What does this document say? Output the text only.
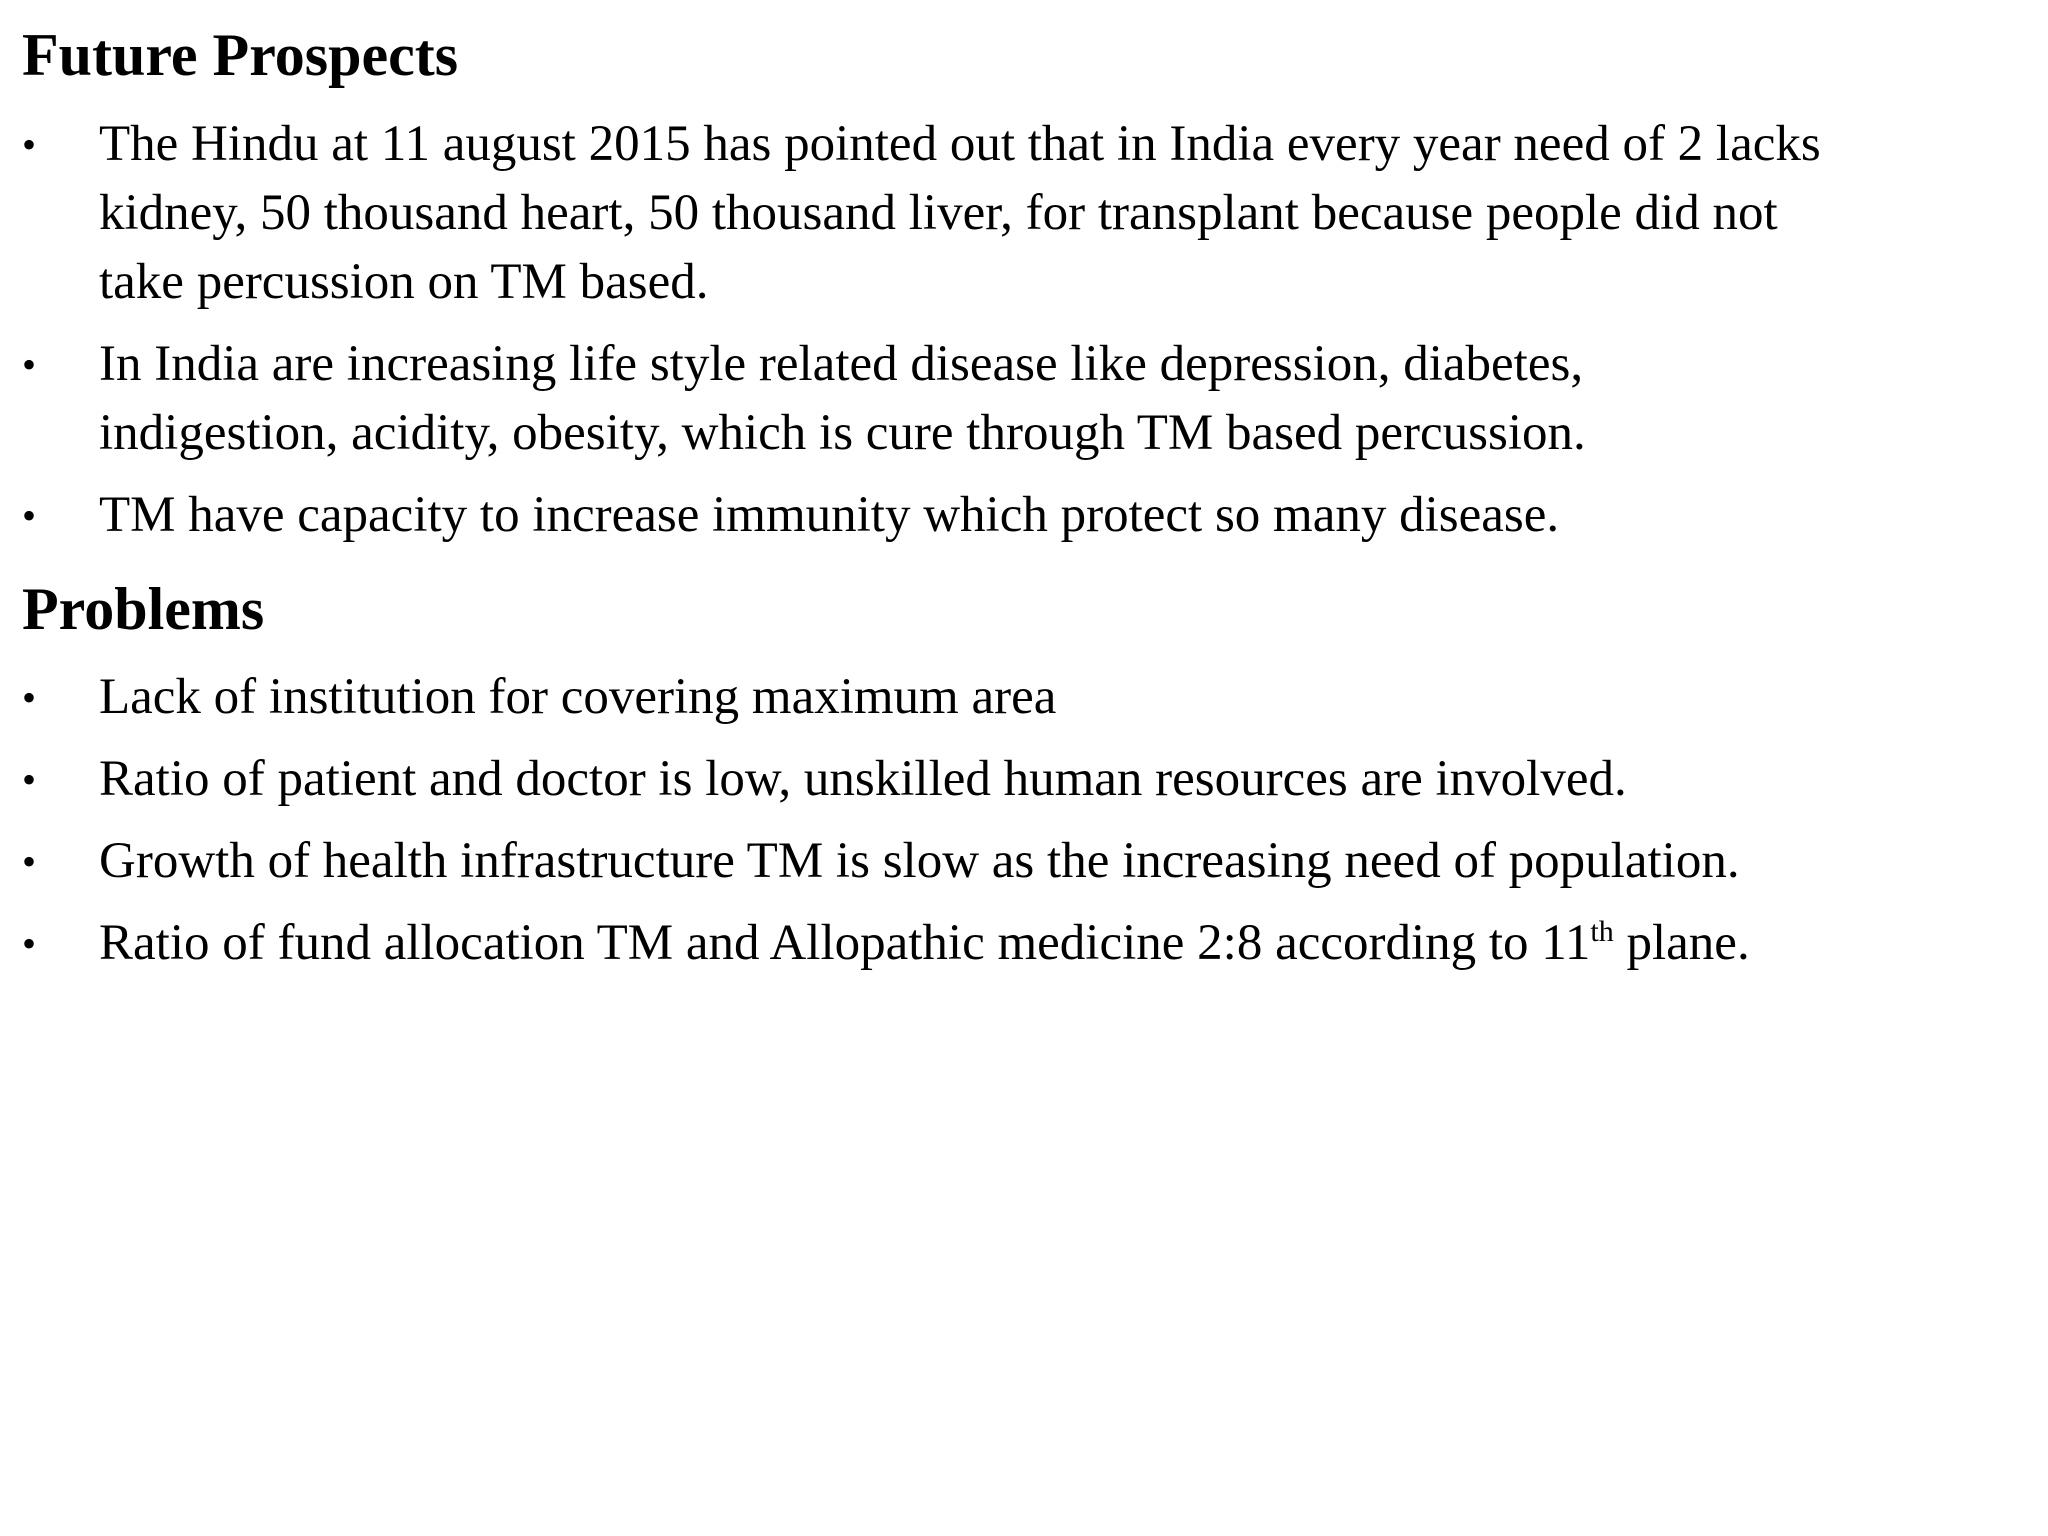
Future Prospects
•	The Hindu at 11 august 2015 has pointed out that in India every year need of 2 lacks
kidney, 50 thousand heart, 50 thousand liver, for transplant because people did not
take percussion on TM based.
•	In India are increasing life style related disease like depression, diabetes,
indigestion, acidity, obesity, which is cure through TM based percussion.
•	TM have capacity to increase immunity which protect so many disease.
Problems
•	Lack of institution for covering maximum area
•	Ratio of patient and doctor is low, unskilled human resources are involved.
•	Growth of health infrastructure TM is slow as the increasing need of population.
•	Ratio of fund allocation TM and Allopathic medicine 2:8 according to 11th plane.
